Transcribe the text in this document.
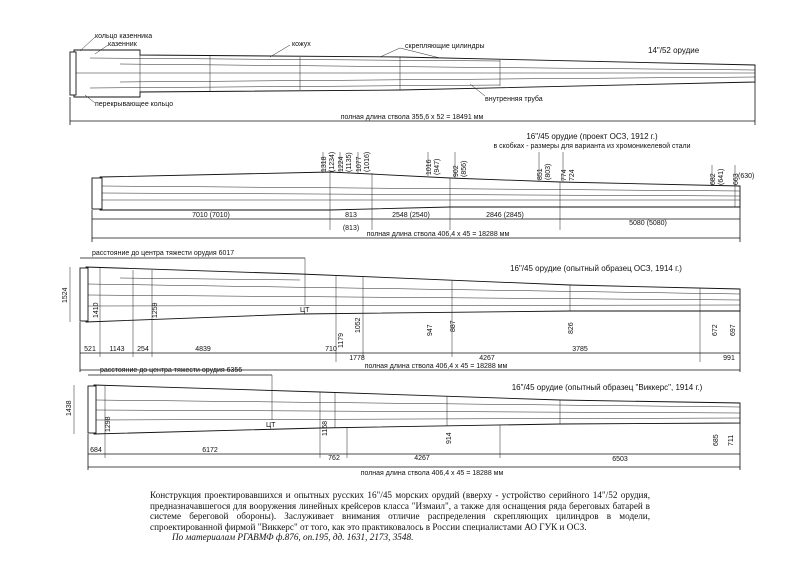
кольцо казенника
казенник	кожух	скрепляющие цилиндры
перекрывающее кольцо
внутренняя труба
14"/52 орудие
полная длина ствола 355,6 x 52 = 18491 мм
16"/45 орудие (проект ОСЗ, 1912 г.)
в скобках - размеры для варианта из хромоникелевой стали
1318 (1234) 1224 (1135) 1077 (1016)	1016 (947) 902 (856)	851 (803) 774 724	682 (641) 663
(630)
7010 (7010)	813
(813)
2548 (2540)	2846 (2845)
5080 (5080)
полная длина ствола 406,4 x 45 = 18288 мм
расстояние до центра тяжести орудия 6017
ЦТ
16"/45 орудие (опытный образец ОСЗ, 1914 г.)
1524
1410	1259
1179
1052	947 887	826	672 697
521 1143 254	4839	710
1778	4267
3785
991
полная длина ствола 406,4 x 45 = 18288 мм
расстояние до центра тяжести орудия 6356
ЦТ
16"/45 орудие (опытный образец "Виккерс", 1914 г.)
1438
1298	1168
914	685 711
684	6172
762	4267	6503
полная длина ствола 406,4 x 45 = 18288 мм

Конструкция проектировавшихся и опытных русских 16"/45 морских орудий (вверху - устройство серийного 14"/52 орудия, предназначавшегося для вооружения линейных крейсеров класса "Измаил", а также для оснащения ряда береговых батарей в системе береговой обороны). Заслуживает внимания отличие распределения скрепляющих цилиндров в модели, спроектированной фирмой "Виккерс" от того, как это практиковалось в России специалистами АО ГУК и ОСЗ.

По материалам РГАВМФ ф.876, оп.195, дд. 1631, 2173, 3548.
